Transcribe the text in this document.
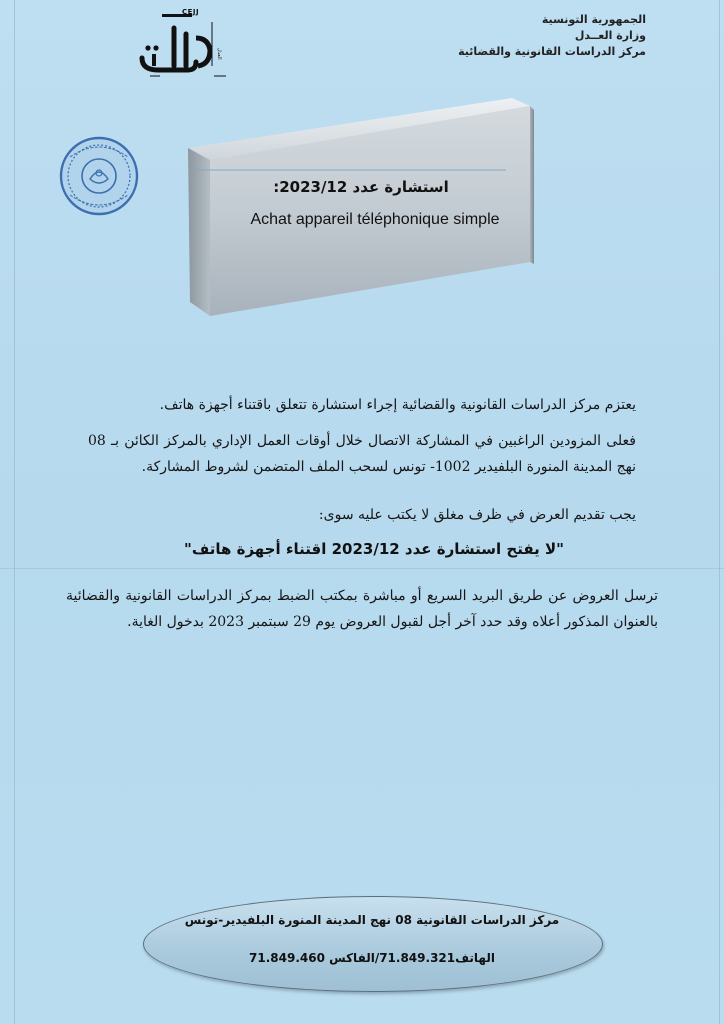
الجمهورية التونسية
وزارة العــدل
مركز الدراسات القانونية والقضائية
CEJJ
العدل
استشارة عدد 2023/12:
Achat appareil téléphonique simple
يعتزم مركز الدراسات القانونية والقضائية إجراء استشارة تتعلق باقتناء أجهزة هاتف.
فعلى المزودين الراغبين في المشاركة الاتصال خلال أوقات العمل الإداري بالمركز الكائن بـ 08 نهج المدينة المنورة البلفيدير 1002- تونس لسحب الملف المتضمن لشروط المشاركة.
يجب تقديم العرض في ظرف مغلق لا يكتب عليه سوى:
"لا يفتح استشارة عدد 2023/12 اقتناء أجهزة هاتف"
ترسل العروض عن طريق البريد السريع أو مباشرة بمكتب الضبط بمركز الدراسات القانونية والقضائية بالعنوان المذكور أعلاه وقد حدد آخر أجل لقبول العروض يوم 29 سبتمبر 2023 بدخول الغاية.
مركز الدراسات القانونية 08 نهج المدينة المنورة البلفيدير-تونس
الهاتف71.849.321/الفاكس 71.849.460
